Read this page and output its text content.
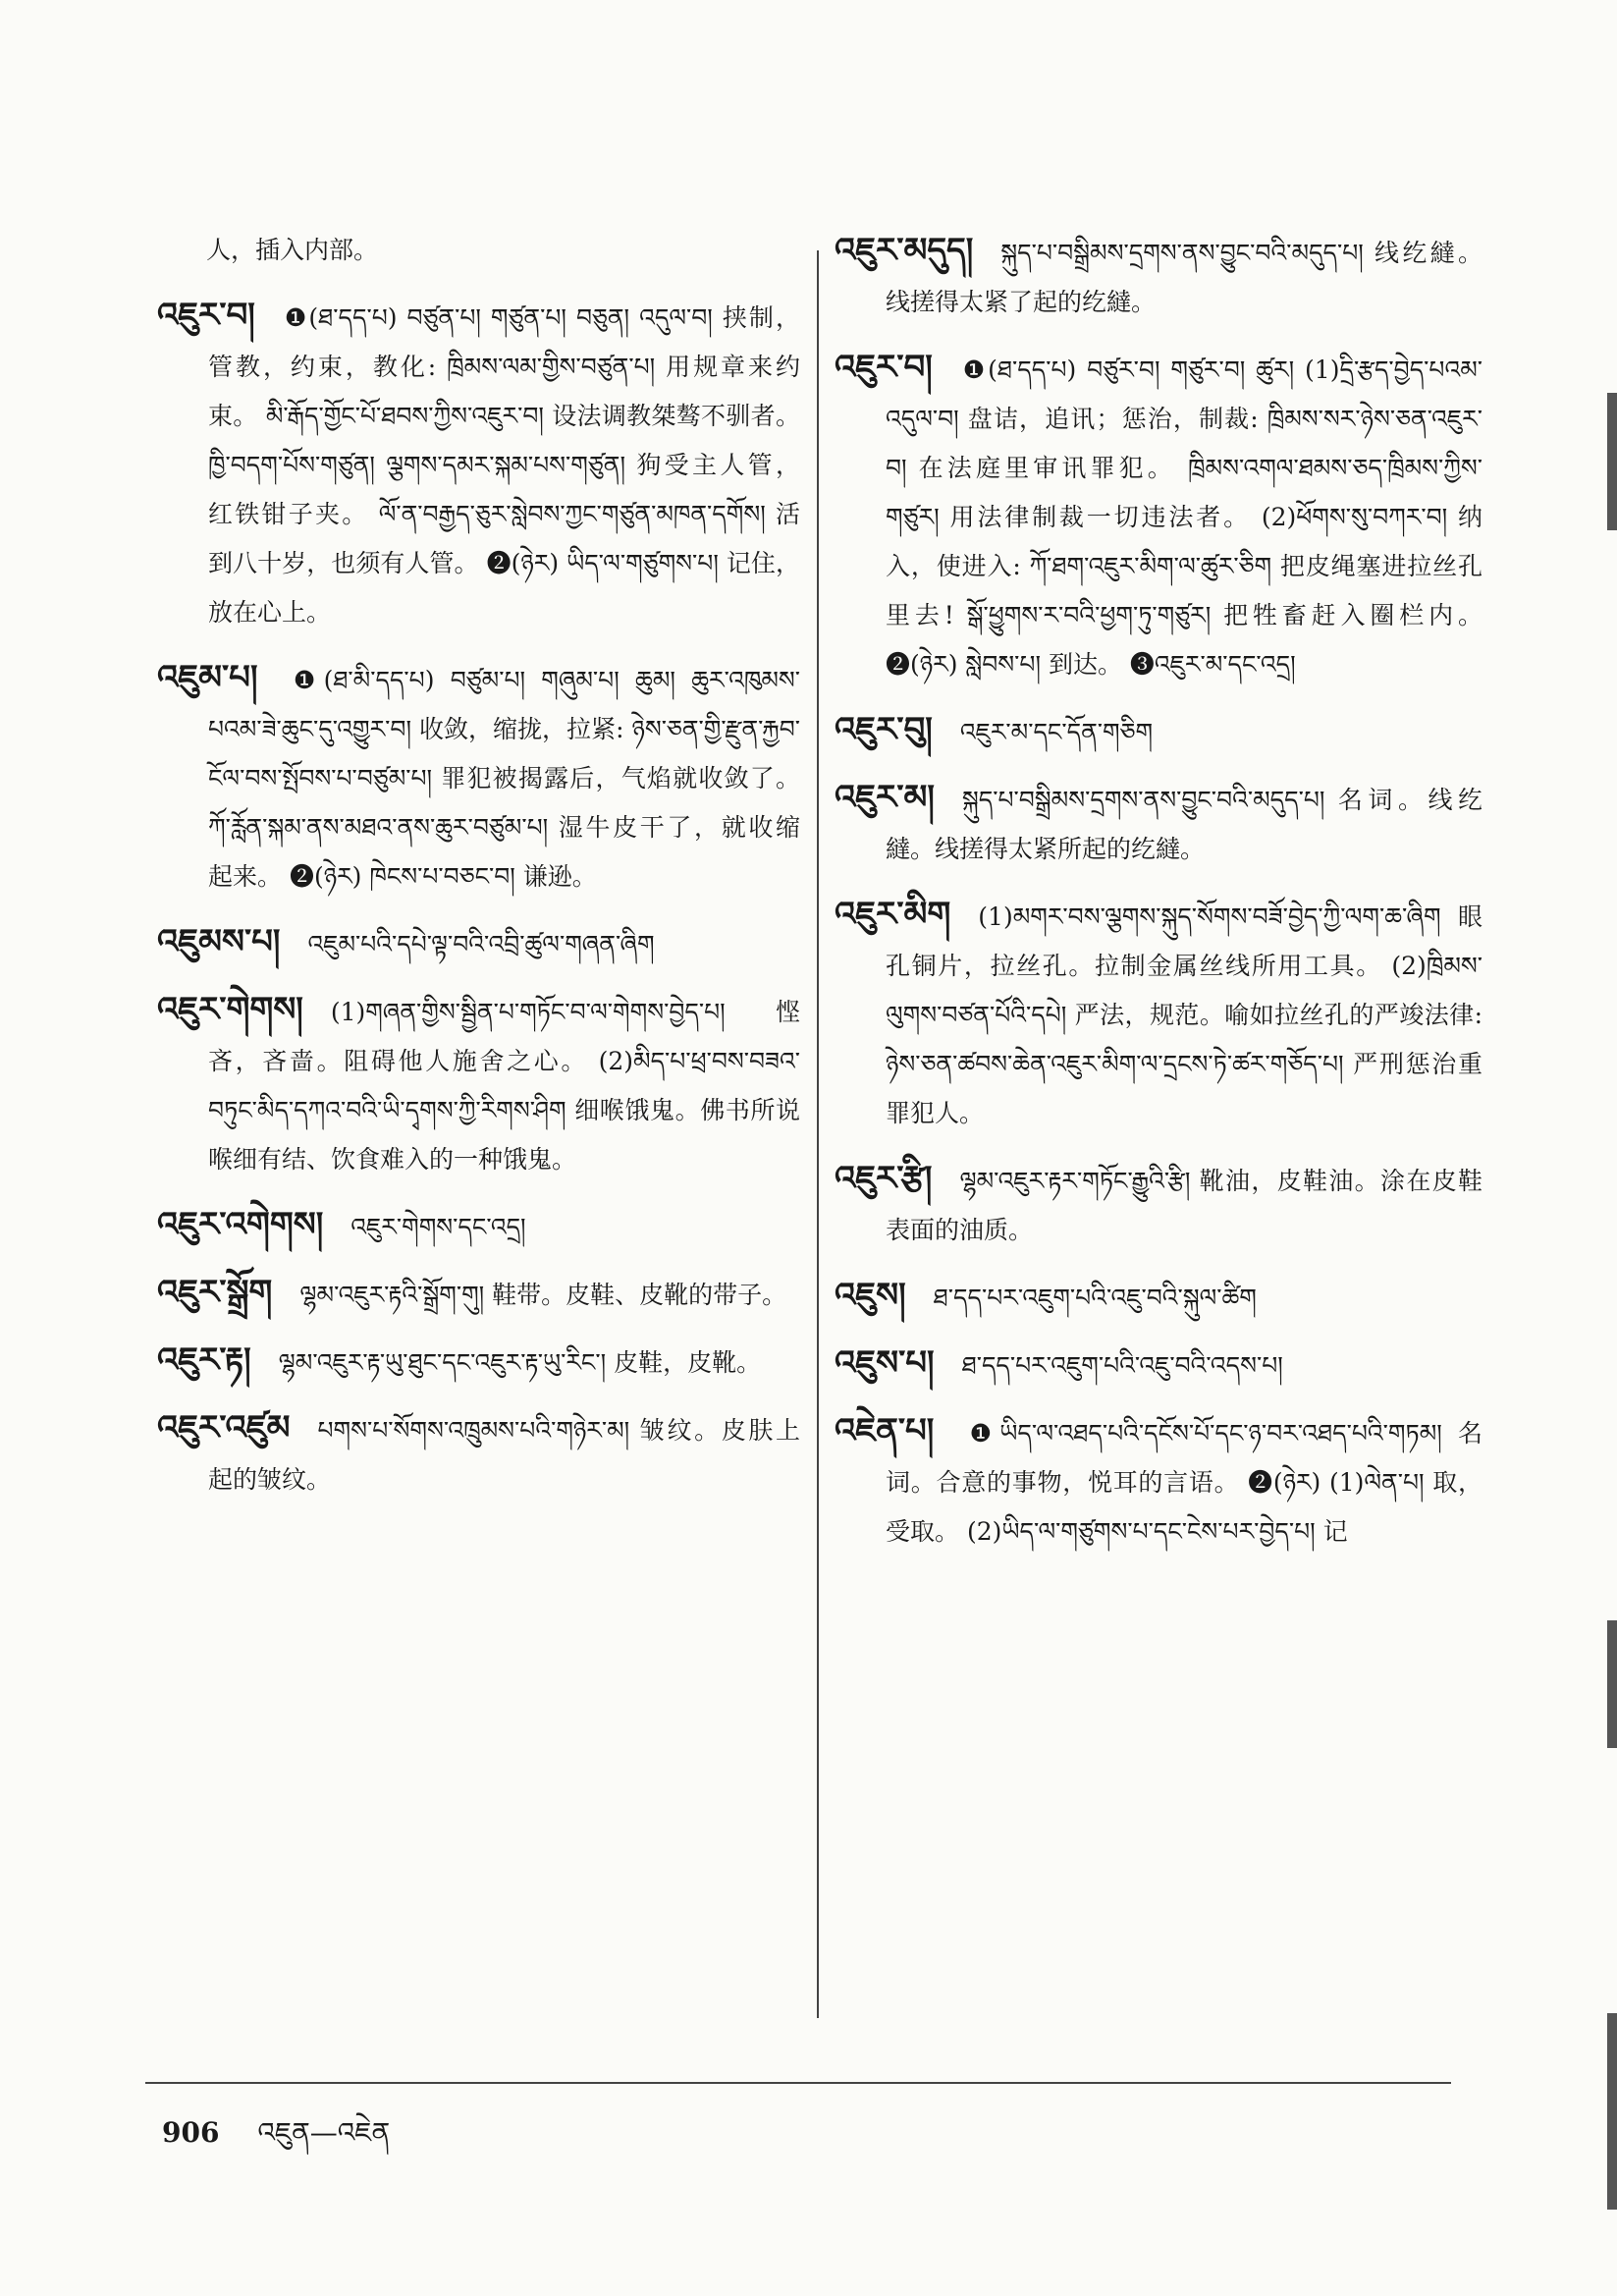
人，插入内部。

འཇུར་བ། ❶(ཐ་དད་པ) བཙུན་པ། གཙུན་པ། བཅུན། འདུལ་བ། 挟制，管教，约束，教化: ཁྲིམས་ལམ་གྱིས་བཙུན་པ། 用规章来约束。 མི་རྒོད་གྱོང་པོ་ཐབས་ཀྱིས་འཇུར་བ། 设法调教桀骜不驯者。 ཁྱི་བདག་པོས་གཙུན། ལྕགས་དམར་སྐམ་པས་གཙུན། 狗受主人管，红铁钳子夹。 ལོ་ན་བརྒྱད་ཅུར་སླེབས་ཀྱང་གཙུན་མཁན་དགོས། 活到八十岁，也须有人管。 ❷(ཉེར) ཡིད་ལ་གཙུགས་པ། 记住，放在心上。

འཇུམ་པ། ❶(ཐ་མི་དད་པ) བཙུམ་པ། གཞུམ་པ། ཆུམ། ཆུར་འཁུམས་པའམ་ཟེ་ཆུང་དུ་འགྱུར་བ། 收敛，缩拢，拉紧: ཉེས་ཅན་གྱི་རྫུན་རྐྱབ་ངོལ་བས་སྤོབས་པ་བཙུམ་པ། 罪犯被揭露后，气焰就收敛了。 ཀོ་རློན་སྐམ་ནས་མཐའ་ནས་ཆུར་བཙུམ་པ། 湿牛皮干了，就收缩起来。 ❷(ཉེར) ཁེངས་པ་བཅང་བ། 谦逊。

འཇུམས་པ། འཇུམ་པའི་དཔེ་ལྟ་བའི་འབྲི་ཚུལ་གཞན་ཞིག

འཇུར་གེགས། (1)གཞན་གྱིས་སྦྱིན་པ་གཏོང་བ་ལ་གེགས་བྱེད་པ། 悭吝，吝啬。阻碍他人施舍之心。 (2)མིད་པ་ཕྲ་བས་བཟའ་བཏུང་མིད་དཀའ་བའི་ཡི་དྭགས་ཀྱི་རིགས་ཤིག 细喉饿鬼。佛书所说喉细有结、饮食难入的一种饿鬼。

འཇུར་འགེགས། འཇུར་གེགས་དང་འདྲ།

འཇུར་སྒྲོག ལྷམ་འཇུར་རྟའི་སྒྲོག་གུ། 鞋带。皮鞋、皮靴的带子。

འཇུར་རྟ། ལྷམ་འཇུར་རྟ་ཡུ་ཐུང་དང་འཇུར་རྟ་ཡུ་རིང་། 皮鞋，皮靴。

འཇུར་འཛུམ པགས་པ་སོགས་འཁྲུམས་པའི་གཉེར་མ། 皱纹。皮肤上起的皱纹。

འཇུར་མདུད། སྐུད་པ་བསྒྲིམས་དྲགས་ནས་བྱུང་བའི་མདུད་པ། 线纥繨。线搓得太紧了起的纥繨。

འཇུར་བ། ❶(ཐ་དད་པ) བཙུར་བ། གཙུར་བ། ཚུར། (1)དྲི་རྩད་བྱེད་པའམ་འདུལ་བ། 盘诘，追讯；惩治，制裁: ཁྲིམས་སར་ཉེས་ཅན་འཇུར་བ། 在法庭里审讯罪犯。 ཁྲིམས་འགལ་ཐམས་ཅད་ཁྲིམས་ཀྱིས་གཙུར། 用法律制裁一切违法者。 (2)ཕོགས་སུ་བཀར་བ། 纳入，使进入: ཀོ་ཐག་འཇུར་མིག་ལ་ཚུར་ཅིག 把皮绳塞进拉丝孔里去! སྒོ་ཕྱུགས་ར་བའི་ཕྱག་ཏུ་གཙུར། 把牲畜赶入圈栏内。 ❷(ཉེར) སླེབས་པ། 到达。 ❸འཇུར་མ་དང་འདྲ།

འཇུར་བུ། འཇུར་མ་དང་དོན་གཅིག

འཇུར་མ། སྐུད་པ་བསྒྲིམས་དྲགས་ནས་བྱུང་བའི་མདུད་པ། 名词。线纥繨。线搓得太紧所起的纥繨。

འཇུར་མིག (1)མགར་བས་ལྕགས་སྐུད་སོགས་བཟོ་བྱེད་ཀྱི་ལག་ཆ་ཞིག 眼孔铜片，拉丝孔。拉制金属丝线所用工具。 (2)ཁྲིམས་ལུགས་བཙན་པོའི་དཔེ། 严法，规范。喻如拉丝孔的严竣法律: ཉེས་ཅན་ཚབས་ཆེན་འཇུར་མིག་ལ་དྲངས་ཏེ་ཚར་གཅོད་པ། 严刑惩治重罪犯人。

འཇུར་རྩི། ལྷམ་འཇུར་རྟར་གཏོང་རྒྱུའི་རྩི། 靴油，皮鞋油。涂在皮鞋表面的油质。

འཇུས། ཐ་དད་པར་འཇུག་པའི་འཇུ་བའི་སྐུལ་ཚིག

འཇུས་པ། ཐ་དད་པར་འཇུག་པའི་འཇུ་བའི་འདས་པ།

འཇེན་པ། ❶ཡིད་ལ་འཐད་པའི་དངོས་པོ་དང་ཉ་བར་འཐད་པའི་གཏམ། 名词。合意的事物，悦耳的言语。 ❷(ཉེར) (1)ལེན་པ། 取，受取。 (2)ཡིད་ལ་གཙུགས་པ་དང་ངེས་པར་བྱེད་པ། 记

906 འཇུན—འཇེན
